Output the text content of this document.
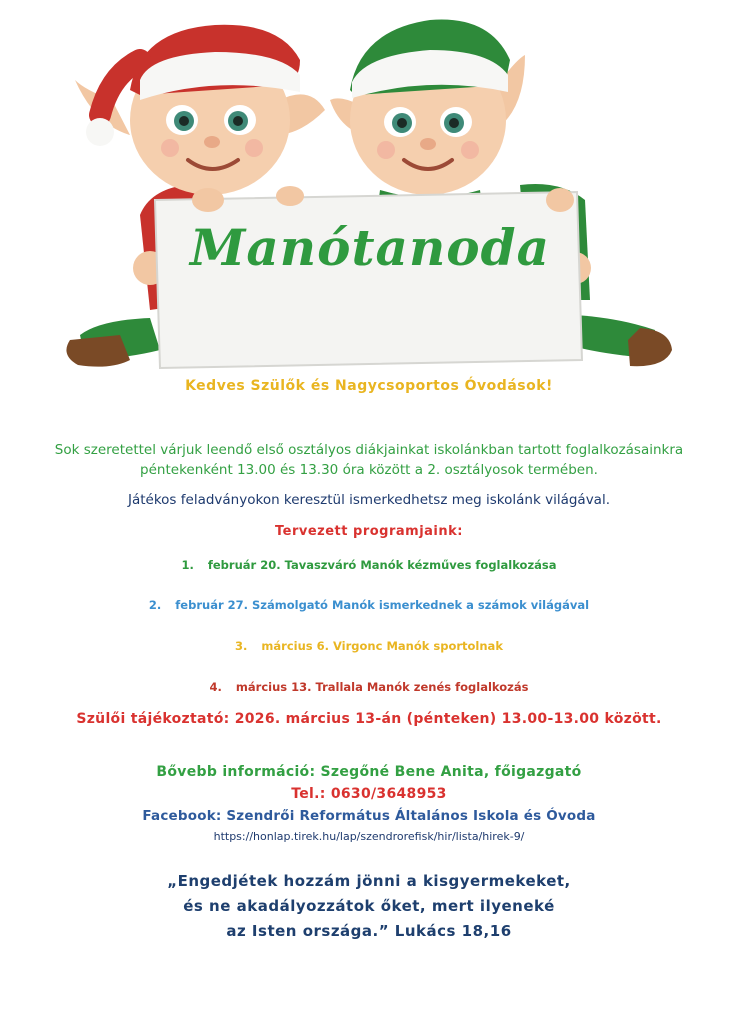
Manótanoda
Kedves Szülők és Nagycsoportos Óvodások!
Sok szeretettel várjuk leendő első osztályos diákjainkat iskolánkban tartott foglalkozásainkra
péntekenként 13.00 és 13.30 óra között a 2. osztályosok termében.
Játékos feladványokon keresztül ismerkedhetsz meg iskolánk világával.
Tervezett programjaink:
1. február 20. Tavaszváró Manók kézműves foglalkozása
2. február 27. Számolgató Manók ismerkednek a számok világával
3. március 6. Virgonc Manók sportolnak
4. március 13. Trallala Manók zenés foglalkozás
Szülői tájékoztató: 2026. március 13-án (pénteken) 13.00-13.00 között.
Bővebb információ: Szegőné Bene Anita, főigazgató
Tel.: 0630/3648953
Facebook: Szendrői Református Általános Iskola és Óvoda
https://honlap.tirek.hu/lap/szendrorefisk/hir/lista/hirek-9/
„Engedjétek hozzám jönni a kisgyermekeket,
és ne akadályozzátok őket, mert ilyeneké
az Isten országa.” Lukács 18,16
